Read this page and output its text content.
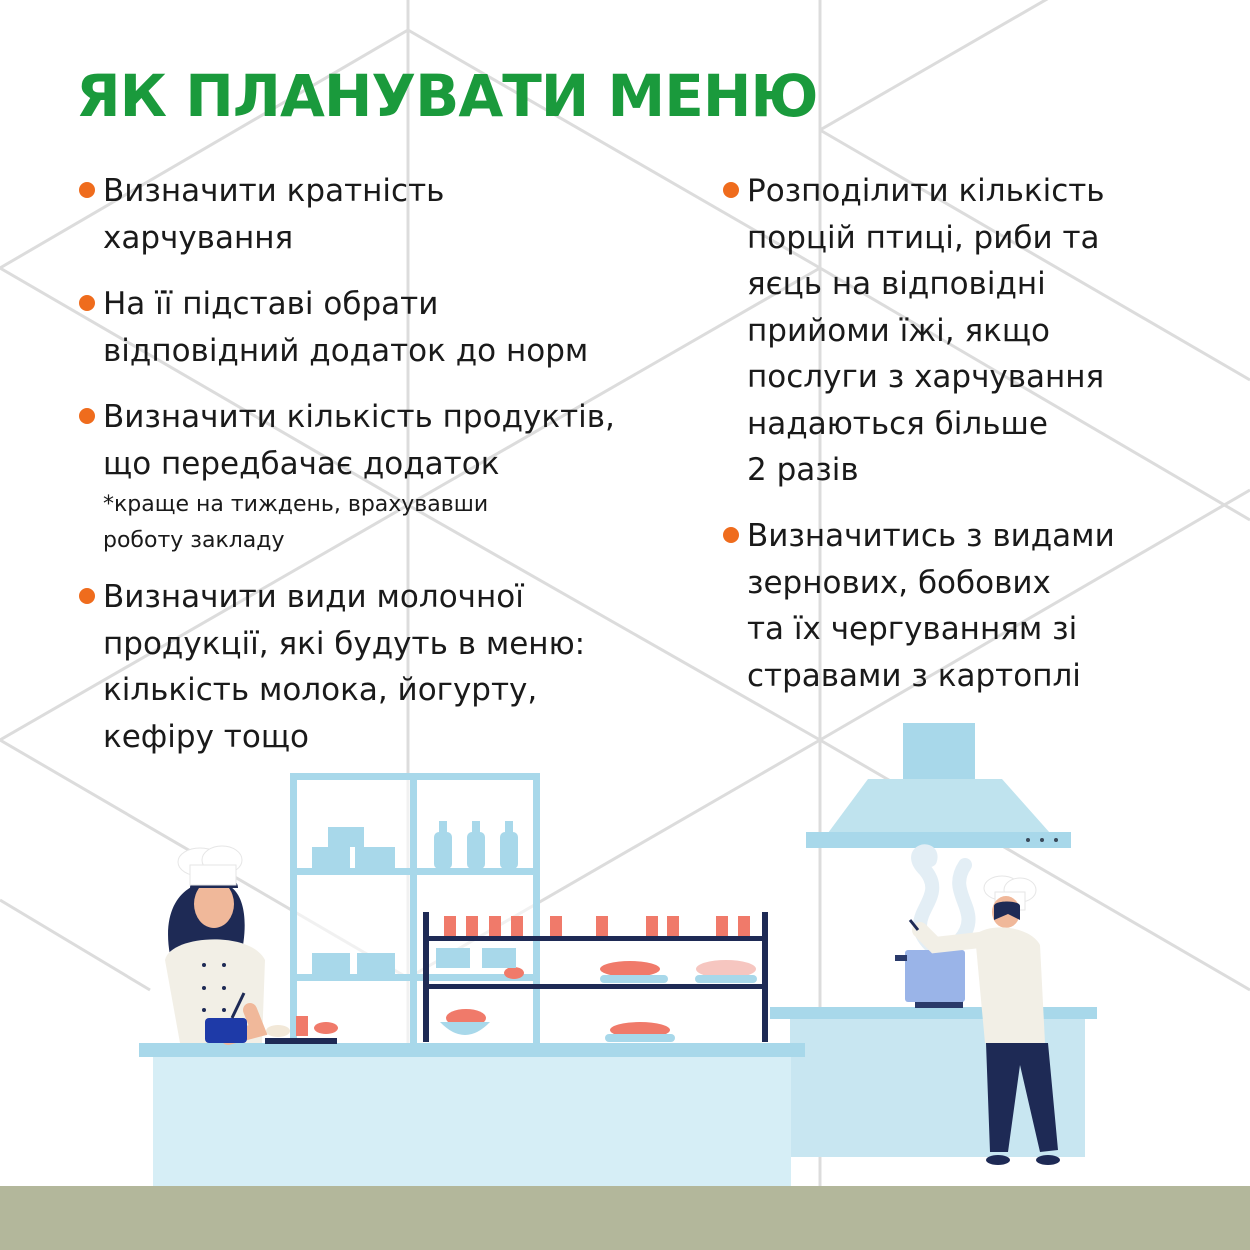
ЯК ПЛАНУВАТИ МЕНЮ
Визначити кратність
харчування
На її підставі обрати
відповідний додаток до норм
Визначити кількість продуктів,
що передбачає додаток
*краще на тиждень, врахувавши
роботу закладу
Визначити види молочної
продукції, які будуть в меню:
кількість молока, йогурту,
кефіру тощо
Розподілити кількість
порцій птиці, риби та
яєць на відповідні
прийоми їжі, якщо
послуги з харчування
надаються більше
2 разів
Визначитись з видами
зернових, бобових
та їх чергуванням зі
стравами з картоплі
